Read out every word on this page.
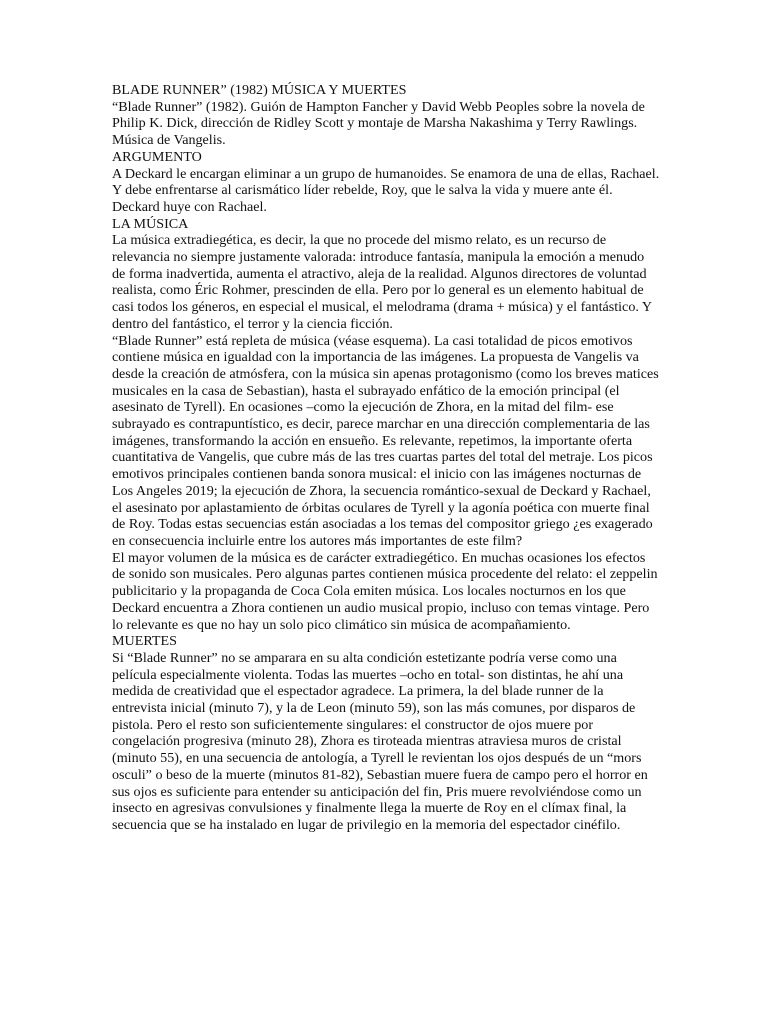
BLADE RUNNER” (1982) MÚSICA Y MUERTES

“Blade Runner” (1982). Guión de Hampton Fancher y David Webb Peoples sobre la novela de Philip K. Dick, dirección de Ridley Scott y montaje de Marsha Nakashima y Terry Rawlings. Música de Vangelis.

ARGUMENTO

A Deckard le encargan eliminar a un grupo de humanoides. Se enamora de una de ellas, Rachael. Y debe enfrentarse al carismático líder rebelde, Roy, que le salva la vida y muere ante él. Deckard huye con Rachael.

LA MÚSICA

La música extradiegética, es decir, la que no procede del mismo relato, es un recurso de relevancia no siempre justamente valorada: introduce fantasía, manipula la emoción a menudo de forma inadvertida, aumenta el atractivo, aleja de la realidad. Algunos directores de voluntad realista, como Éric Rohmer, prescinden de ella. Pero por lo general es un elemento habitual de casi todos los géneros, en especial el musical, el melodrama (drama + música) y el fantástico. Y dentro del fantástico, el terror y la ciencia ficción.

“Blade Runner” está repleta de música (véase esquema). La casi totalidad de picos emotivos contiene música en igualdad con la importancia de las imágenes. La propuesta de Vangelis va desde la creación de atmósfera, con la música sin apenas protagonismo (como los breves matices musicales en la casa de Sebastian), hasta el subrayado enfático de la emoción principal (el asesinato de Tyrell). En ocasiones –como la ejecución de Zhora, en la mitad del film- ese subrayado es contrapuntístico, es decir, parece marchar en una dirección complementaria de las imágenes, transformando la acción en ensueño. Es relevante, repetimos, la importante oferta cuantitativa de Vangelis, que cubre más de las tres cuartas partes del total del metraje. Los picos emotivos principales contienen banda sonora musical: el inicio con las imágenes nocturnas de Los Angeles 2019; la ejecución de Zhora, la secuencia romántico-sexual de Deckard y Rachael, el asesinato por aplastamiento de órbitas oculares de Tyrell y la agonía poética con muerte final de Roy. Todas estas secuencias están asociadas a los temas del compositor griego ¿es exagerado en consecuencia incluirle entre los autores más importantes de este film?

El mayor volumen de la música es de carácter extradiegético. En muchas ocasiones los efectos de sonido son musicales. Pero algunas partes contienen música procedente del relato: el zeppelin publicitario y la propaganda de Coca Cola emiten música. Los locales nocturnos en los que Deckard encuentra a Zhora contienen un audio musical propio, incluso con temas vintage. Pero lo relevante es que no hay un solo pico climático sin música de acompañamiento.

MUERTES

Si “Blade Runner” no se amparara en su alta condición estetizante podría verse como una película especialmente violenta. Todas las muertes –ocho en total- son distintas, he ahí una medida de creatividad que el espectador agradece. La primera, la del blade runner de la entrevista inicial (minuto 7), y la de Leon (minuto 59), son las más comunes, por disparos de pistola. Pero el resto son suficientemente singulares: el constructor de ojos muere por congelación progresiva (minuto 28), Zhora es tiroteada mientras atraviesa muros de cristal (minuto 55), en una secuencia de antología, a Tyrell le revientan los ojos después de un “mors osculi” o beso de la muerte (minutos 81-82), Sebastian muere fuera de campo pero el horror en sus ojos es suficiente para entender su anticipación del fin, Pris muere revolviéndose como un insecto en agresivas convulsiones y finalmente llega la muerte de Roy en el clímax final, la secuencia que se ha instalado en lugar de privilegio en la memoria del espectador cinéfilo.
